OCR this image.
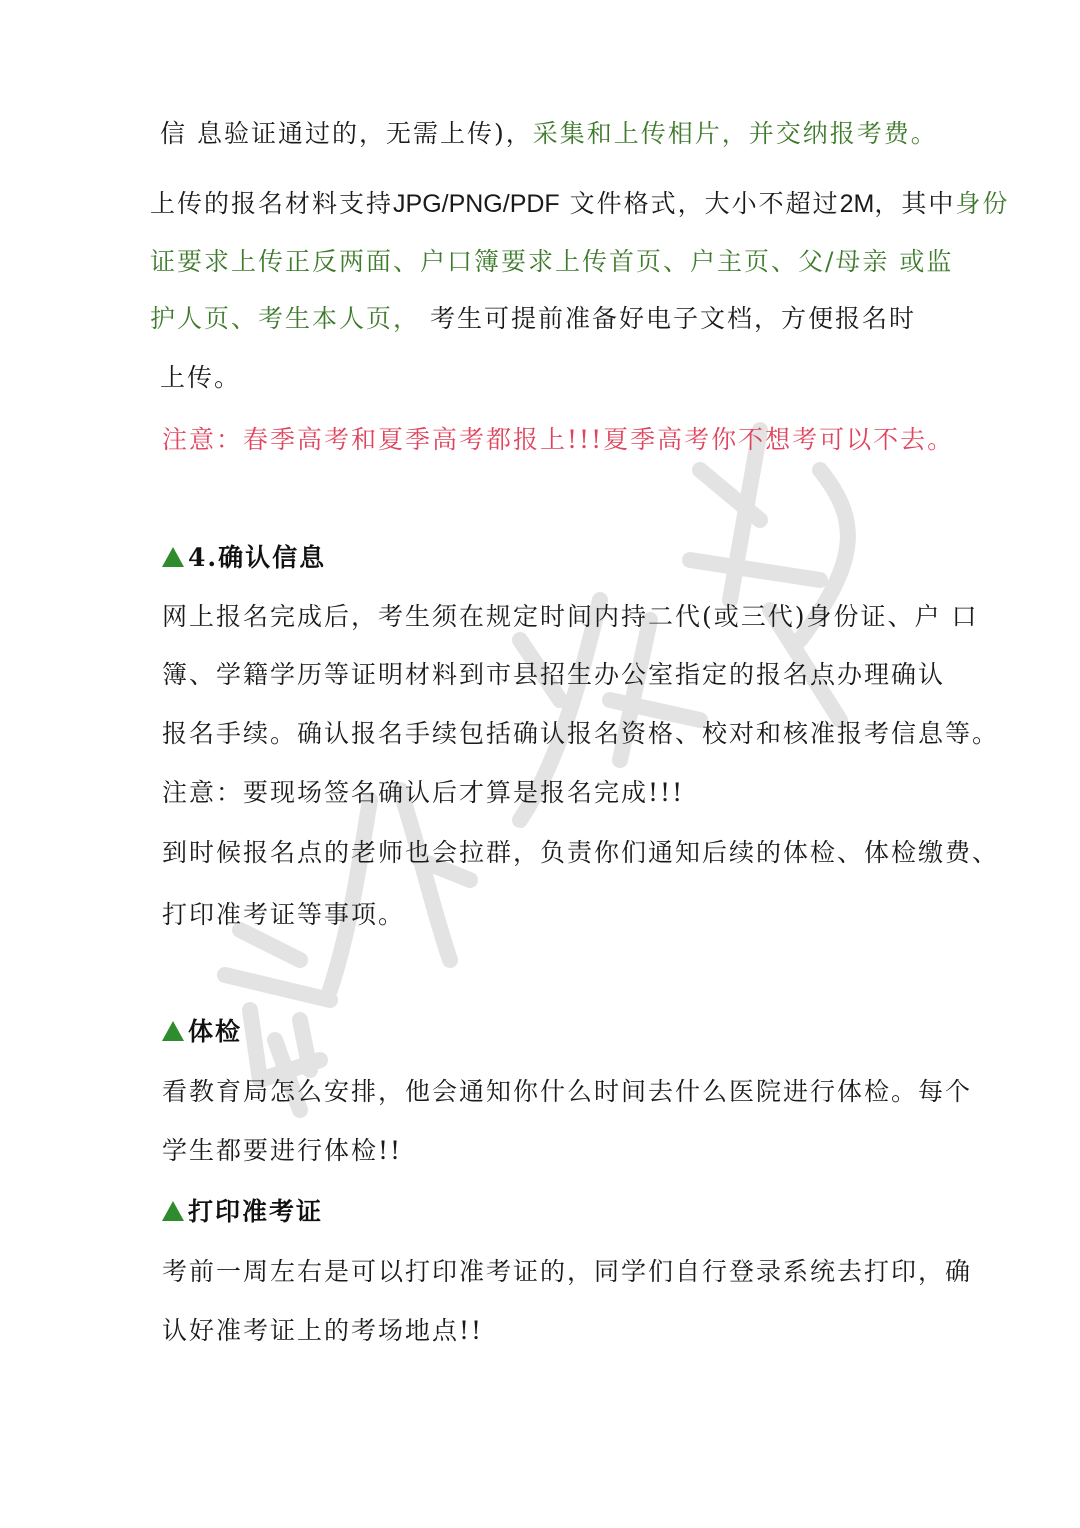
信 息验证通过的，无需上传)，采集和上传相片，并交纳报考费。
上传的报名材料支持JPG/PNG/PDF 文件格式，大小不超过2M，其中身份
证要求上传正反两面、户口簿要求上传首页、户主页、父/母亲 或监
护人页、考生本人页， 考生可提前准备好电子文档，方便报名时
上传。
注意：春季高考和夏季高考都报上!!!夏季高考你不想考可以不去。
4.确认信息
网上报名完成后，考生须在规定时间内持二代(或三代)身份证、户 口
簿、学籍学历等证明材料到市县招生办公室指定的报名点办理确认
报名手续。确认报名手续包括确认报名资格、校对和核准报考信息等。
注意：要现场签名确认后才算是报名完成!!!
到时候报名点的老师也会拉群，负责你们通知后续的体检、体检缴费、
打印准考证等事项。
体检
看教育局怎么安排，他会通知你什么时间去什么医院进行体检。每个
学生都要进行体检!!
打印准考证
考前一周左右是可以打印准考证的，同学们自行登录系统去打印，确
认好准考证上的考场地点!!
